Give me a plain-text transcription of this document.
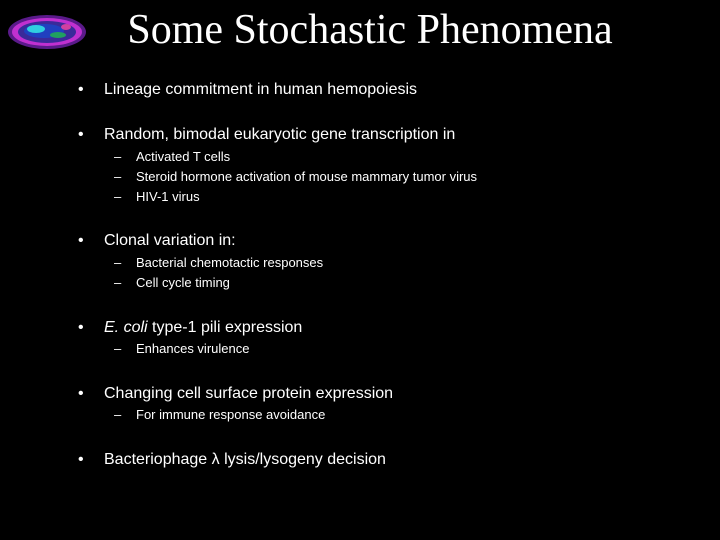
Some Stochastic Phenomena
• Lineage commitment in human hemopoiesis
• Random, bimodal eukaryotic gene transcription in
– Activated T cells
– Steroid hormone activation of mouse mammary tumor virus
– HIV-1 virus
• Clonal variation in:
– Bacterial chemotactic responses
– Cell cycle timing
• E. coli type-1 pili expression
– Enhances virulence
• Changing cell surface protein expression
– For immune response avoidance
• Bacteriophage λ lysis/lysogeny decision
